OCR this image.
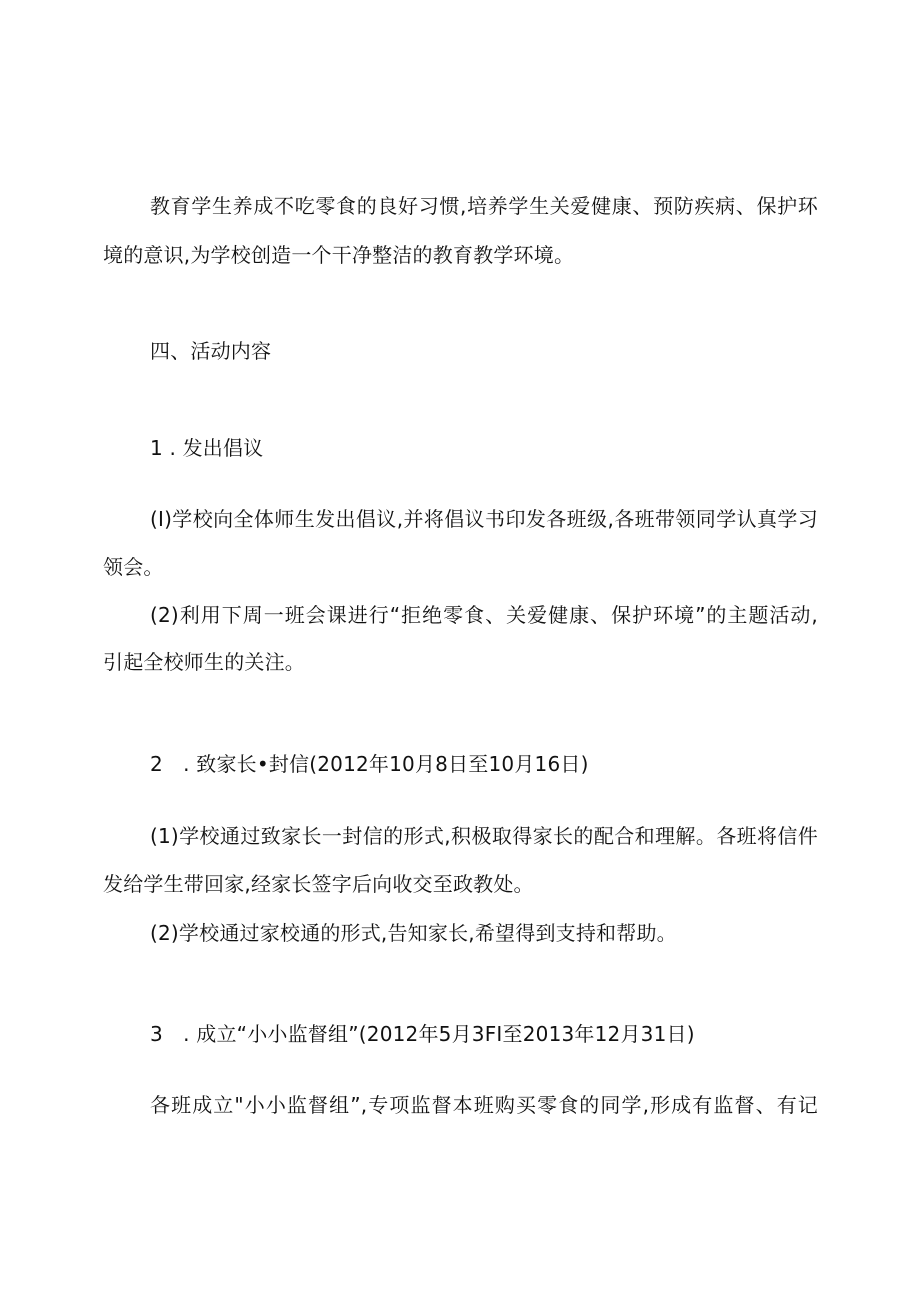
教育学生养成不吃零食的良好习惯,培养学生关爱健康、预防疾病、保护环
境的意识,为学校创造一个干净整洁的教育教学环境。
四、活动内容
1 . 发出倡议
(I)学校向全体师生发出倡议,并将倡议书印发各班级,各班带领同学认真学习
领会。
(2)利用下周一班会课进行“拒绝零食、关爱健康、保护环境”的主题活动,
引起全校师生的关注。
2　. 致家长•封信(2012年10月8日至10月16日)
(1)学校通过致家长一封信的形式,积极取得家长的配合和理解。各班将信件
发给学生带回家,经家长签字后向收交至政教处。
(2)学校通过家校通的形式,告知家长,希望得到支持和帮助。
3　. 成立“小小监督组”(2012年5月3FI至2013年12月31日)
各班成立"小小监督组”,专项监督本班购买零食的同学,形成有监督、有记
